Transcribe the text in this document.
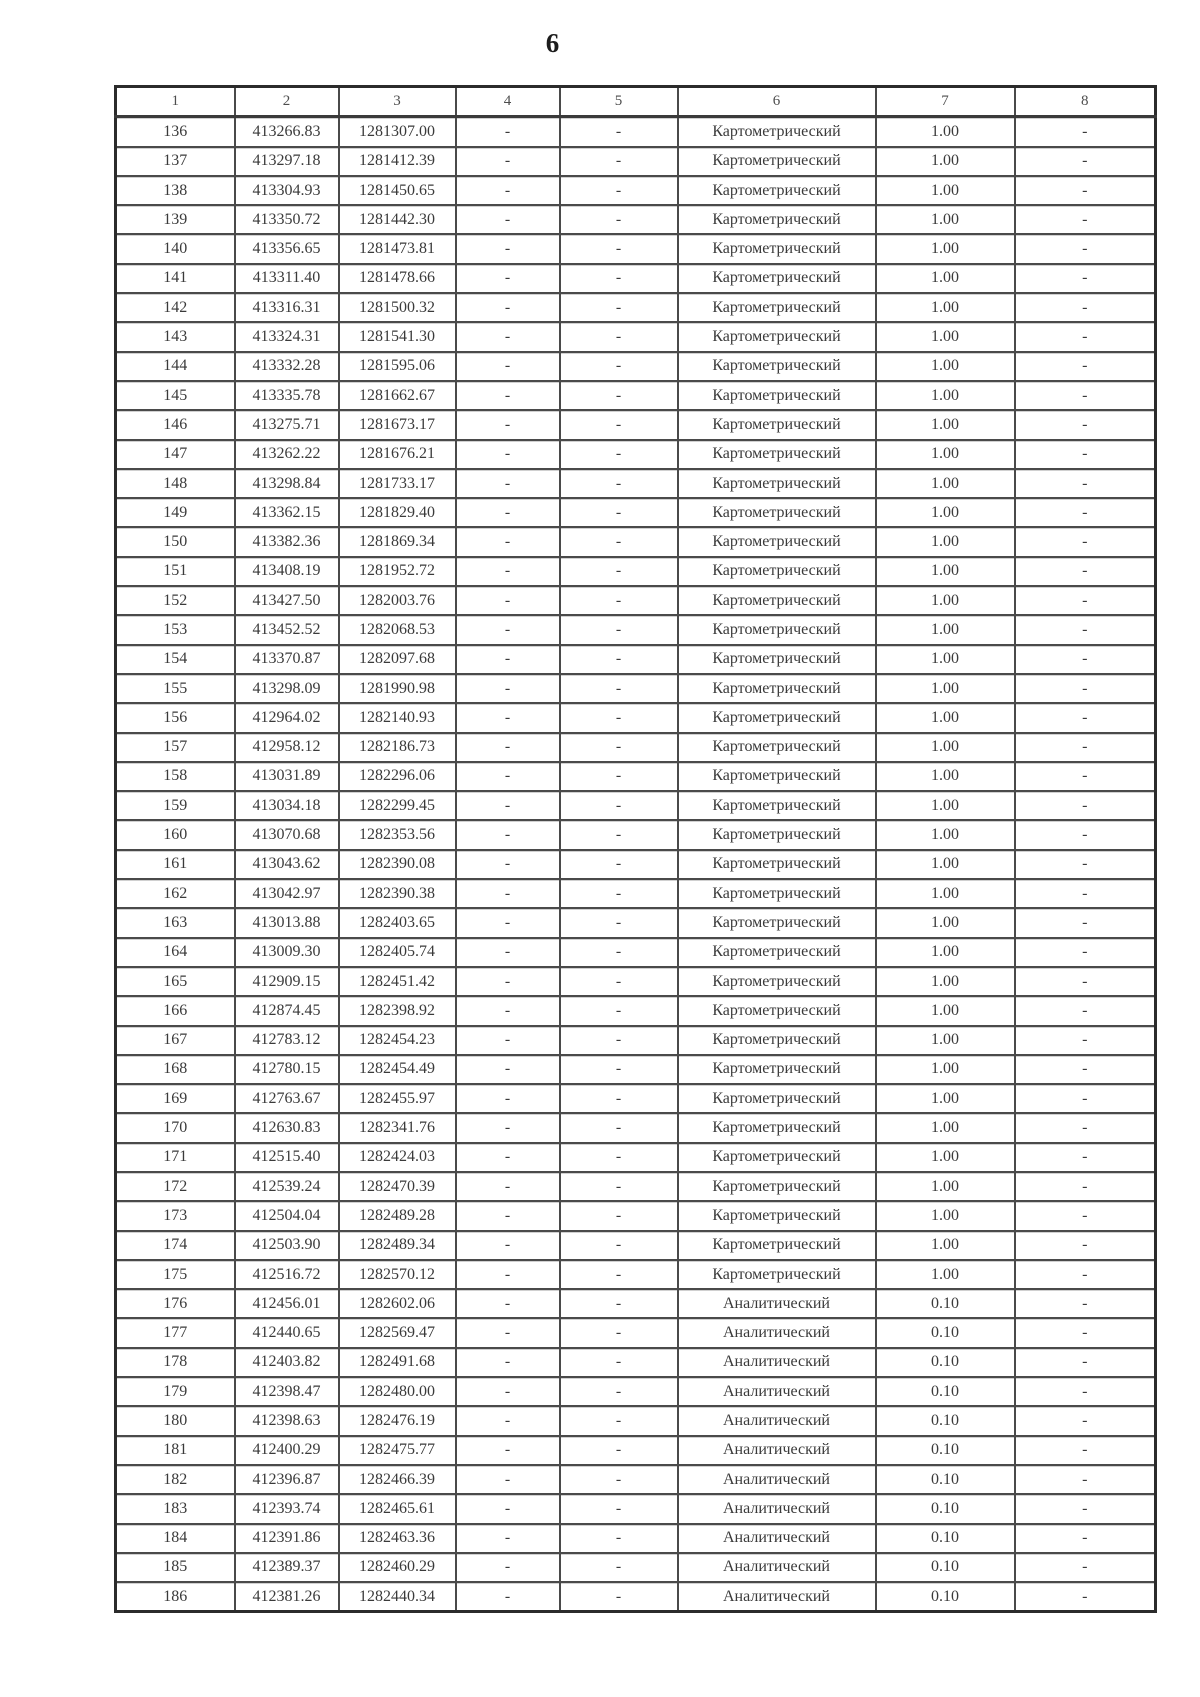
6
1	2	3	4	5	6	7	8
136	413266.83	1281307.00	-	-	Картометрический	1.00	-
137	413297.18	1281412.39	-	-	Картометрический	1.00	-
138	413304.93	1281450.65	-	-	Картометрический	1.00	-
139	413350.72	1281442.30	-	-	Картометрический	1.00	-
140	413356.65	1281473.81	-	-	Картометрический	1.00	-
141	413311.40	1281478.66	-	-	Картометрический	1.00	-
142	413316.31	1281500.32	-	-	Картометрический	1.00	-
143	413324.31	1281541.30	-	-	Картометрический	1.00	-
144	413332.28	1281595.06	-	-	Картометрический	1.00	-
145	413335.78	1281662.67	-	-	Картометрический	1.00	-
146	413275.71	1281673.17	-	-	Картометрический	1.00	-
147	413262.22	1281676.21	-	-	Картометрический	1.00	-
148	413298.84	1281733.17	-	-	Картометрический	1.00	-
149	413362.15	1281829.40	-	-	Картометрический	1.00	-
150	413382.36	1281869.34	-	-	Картометрический	1.00	-
151	413408.19	1281952.72	-	-	Картометрический	1.00	-
152	413427.50	1282003.76	-	-	Картометрический	1.00	-
153	413452.52	1282068.53	-	-	Картометрический	1.00	-
154	413370.87	1282097.68	-	-	Картометрический	1.00	-
155	413298.09	1281990.98	-	-	Картометрический	1.00	-
156	412964.02	1282140.93	-	-	Картометрический	1.00	-
157	412958.12	1282186.73	-	-	Картометрический	1.00	-
158	413031.89	1282296.06	-	-	Картометрический	1.00	-
159	413034.18	1282299.45	-	-	Картометрический	1.00	-
160	413070.68	1282353.56	-	-	Картометрический	1.00	-
161	413043.62	1282390.08	-	-	Картометрический	1.00	-
162	413042.97	1282390.38	-	-	Картометрический	1.00	-
163	413013.88	1282403.65	-	-	Картометрический	1.00	-
164	413009.30	1282405.74	-	-	Картометрический	1.00	-
165	412909.15	1282451.42	-	-	Картометрический	1.00	-
166	412874.45	1282398.92	-	-	Картометрический	1.00	-
167	412783.12	1282454.23	-	-	Картометрический	1.00	-
168	412780.15	1282454.49	-	-	Картометрический	1.00	-
169	412763.67	1282455.97	-	-	Картометрический	1.00	-
170	412630.83	1282341.76	-	-	Картометрический	1.00	-
171	412515.40	1282424.03	-	-	Картометрический	1.00	-
172	412539.24	1282470.39	-	-	Картометрический	1.00	-
173	412504.04	1282489.28	-	-	Картометрический	1.00	-
174	412503.90	1282489.34	-	-	Картометрический	1.00	-
175	412516.72	1282570.12	-	-	Картометрический	1.00	-
176	412456.01	1282602.06	-	-	Аналитический	0.10	-
177	412440.65	1282569.47	-	-	Аналитический	0.10	-
178	412403.82	1282491.68	-	-	Аналитический	0.10	-
179	412398.47	1282480.00	-	-	Аналитический	0.10	-
180	412398.63	1282476.19	-	-	Аналитический	0.10	-
181	412400.29	1282475.77	-	-	Аналитический	0.10	-
182	412396.87	1282466.39	-	-	Аналитический	0.10	-
183	412393.74	1282465.61	-	-	Аналитический	0.10	-
184	412391.86	1282463.36	-	-	Аналитический	0.10	-
185	412389.37	1282460.29	-	-	Аналитический	0.10	-
186	412381.26	1282440.34	-	-	Аналитический	0.10	-
